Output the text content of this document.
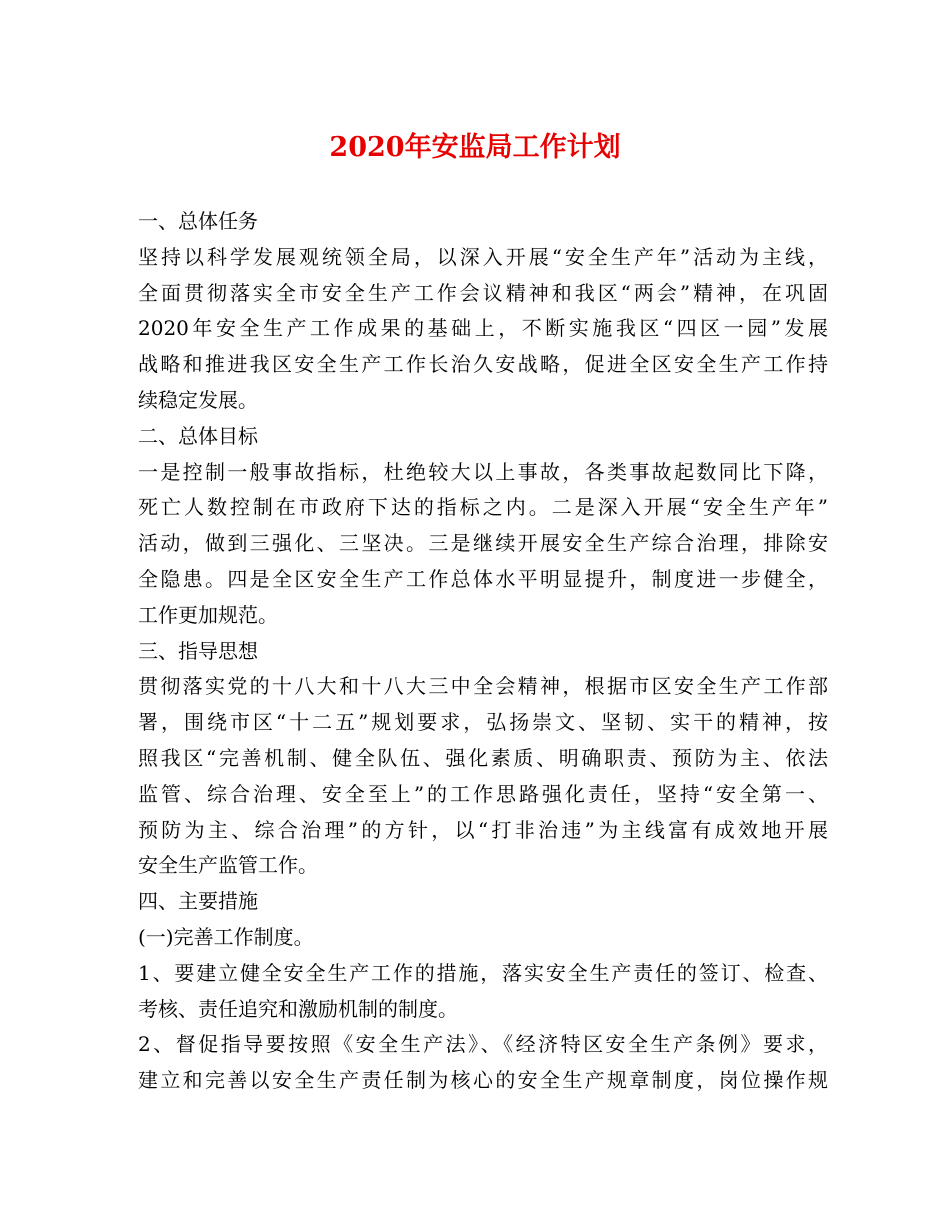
2020年安监局工作计划
一、总体任务
坚持以科学发展观统领全局，以深入开展“安全生产年”活动为主线，
全面贯彻落实全市安全生产工作会议精神和我区“两会”精神，在巩固
2020年安全生产工作成果的基础上，不断实施我区“四区一园”发展
战略和推进我区安全生产工作长治久安战略，促进全区安全生产工作持
续稳定发展。
二、总体目标
一是控制一般事故指标，杜绝较大以上事故，各类事故起数同比下降，
死亡人数控制在市政府下达的指标之内。二是深入开展“安全生产年”
活动，做到三强化、三坚决。三是继续开展安全生产综合治理，排除安
全隐患。四是全区安全生产工作总体水平明显提升，制度进一步健全，
工作更加规范。
三、指导思想
贯彻落实党的十八大和十八大三中全会精神，根据市区安全生产工作部
署，围绕市区“十二五”规划要求，弘扬崇文、坚韧、实干的精神，按
照我区“完善机制、健全队伍、强化素质、明确职责、预防为主、依法
监管、综合治理、安全至上”的工作思路强化责任，坚持“安全第一、
预防为主、综合治理”的方针，以“打非治违”为主线富有成效地开展
安全生产监管工作。
四、主要措施
(一)完善工作制度。
1、要建立健全安全生产工作的措施，落实安全生产责任的签订、检查、
考核、责任追究和激励机制的制度。
2、督促指导要按照《安全生产法》、《经济特区安全生产条例》要求，
建立和完善以安全生产责任制为核心的安全生产规章制度，岗位操作规
